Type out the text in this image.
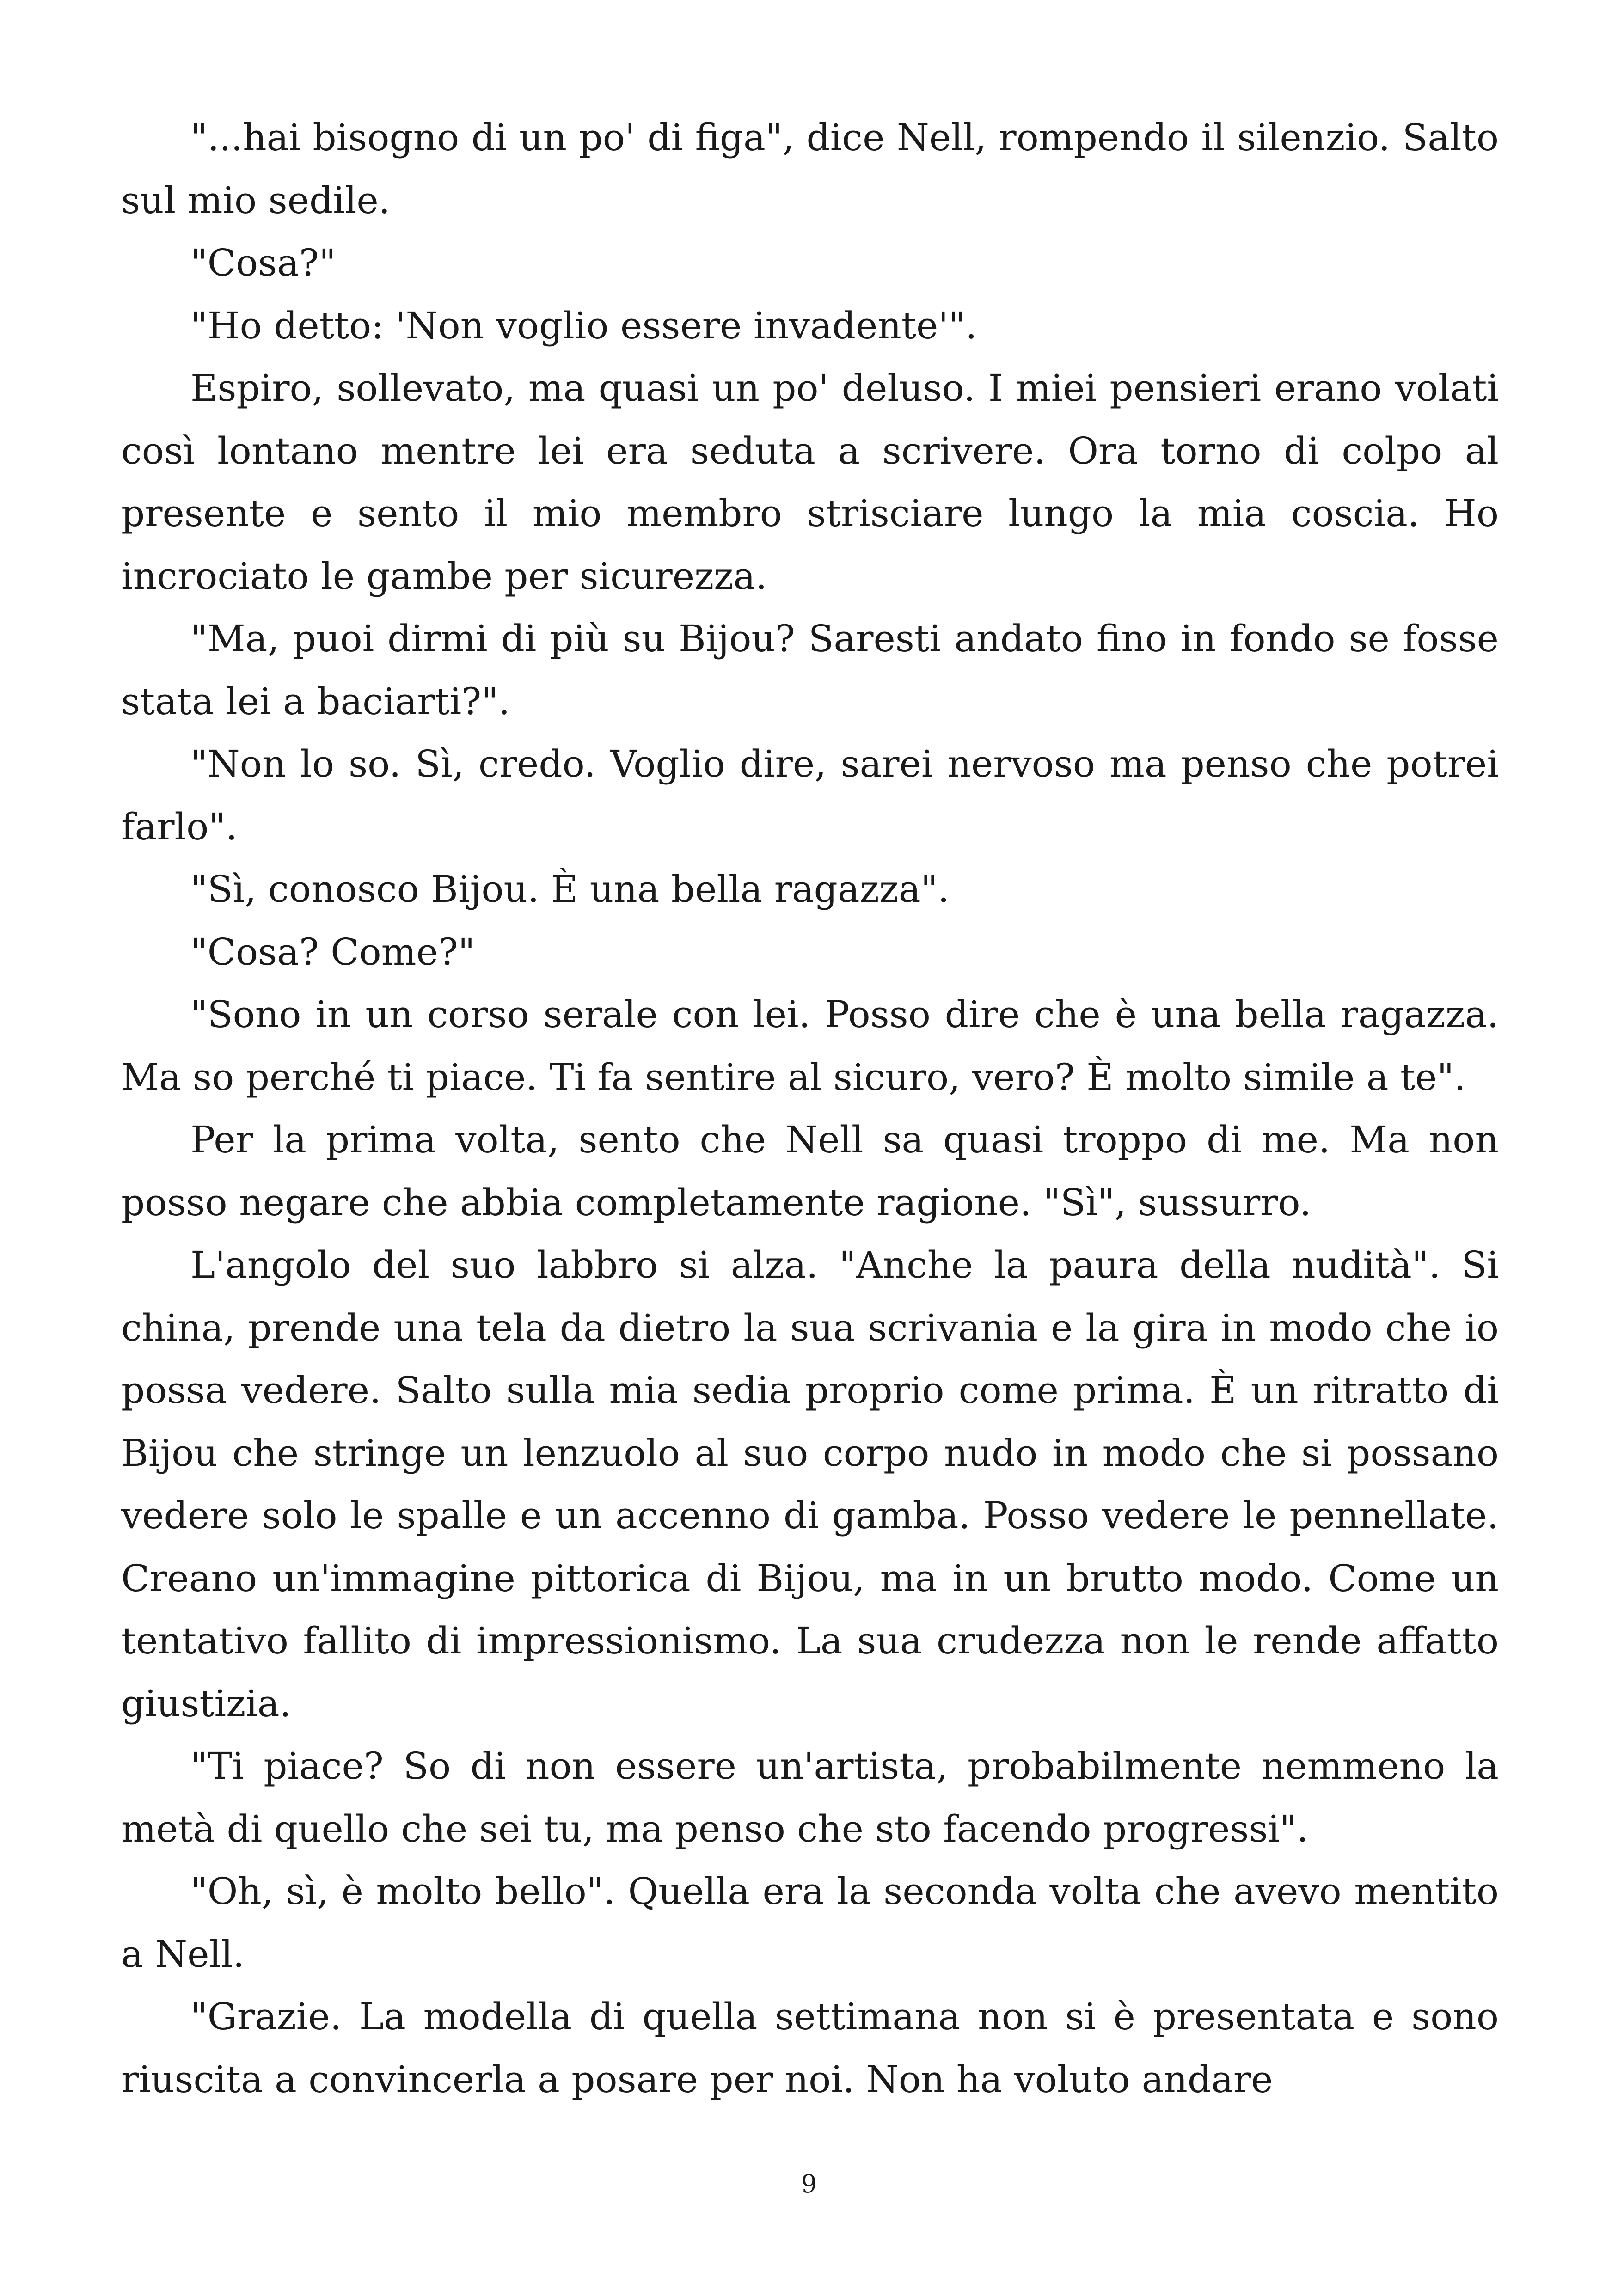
"...hai bisogno di un po' di figa", dice Nell, rompendo il silenzio. Salto sul mio sedile.

"Cosa?"

"Ho detto: 'Non voglio essere invadente'".

Espiro, sollevato, ma quasi un po' deluso. I miei pensieri erano volati così lontano mentre lei era seduta a scrivere. Ora torno di colpo al presente e sento il mio membro strisciare lungo la mia coscia. Ho incrociato le gambe per sicurezza.

"Ma, puoi dirmi di più su Bijou? Saresti andato fino in fondo se fosse stata lei a baciarti?".

"Non lo so. Sì, credo. Voglio dire, sarei nervoso ma penso che potrei farlo".

"Sì, conosco Bijou. È una bella ragazza".

"Cosa? Come?"

"Sono in un corso serale con lei. Posso dire che è una bella ragazza. Ma so perché ti piace. Ti fa sentire al sicuro, vero? È molto simile a te".

Per la prima volta, sento che Nell sa quasi troppo di me. Ma non posso negare che abbia completamente ragione. "Sì", sussurro.

L'angolo del suo labbro si alza. "Anche la paura della nudità". Si china, prende una tela da dietro la sua scrivania e la gira in modo che io possa vedere. Salto sulla mia sedia proprio come prima. È un ritratto di Bijou che stringe un lenzuolo al suo corpo nudo in modo che si possano vedere solo le spalle e un accenno di gamba. Posso vedere le pennellate. Creano un'immagine pittorica di Bijou, ma in un brutto modo. Come un tentativo fallito di impressionismo. La sua crudezza non le rende affatto giustizia.

"Ti piace? So di non essere un'artista, probabilmente nemmeno la metà di quello che sei tu, ma penso che sto facendo progressi".

"Oh, sì, è molto bello". Quella era la seconda volta che avevo mentito a Nell.

"Grazie. La modella di quella settimana non si è presentata e sono riuscita a convincerla a posare per noi. Non ha voluto andare

9
